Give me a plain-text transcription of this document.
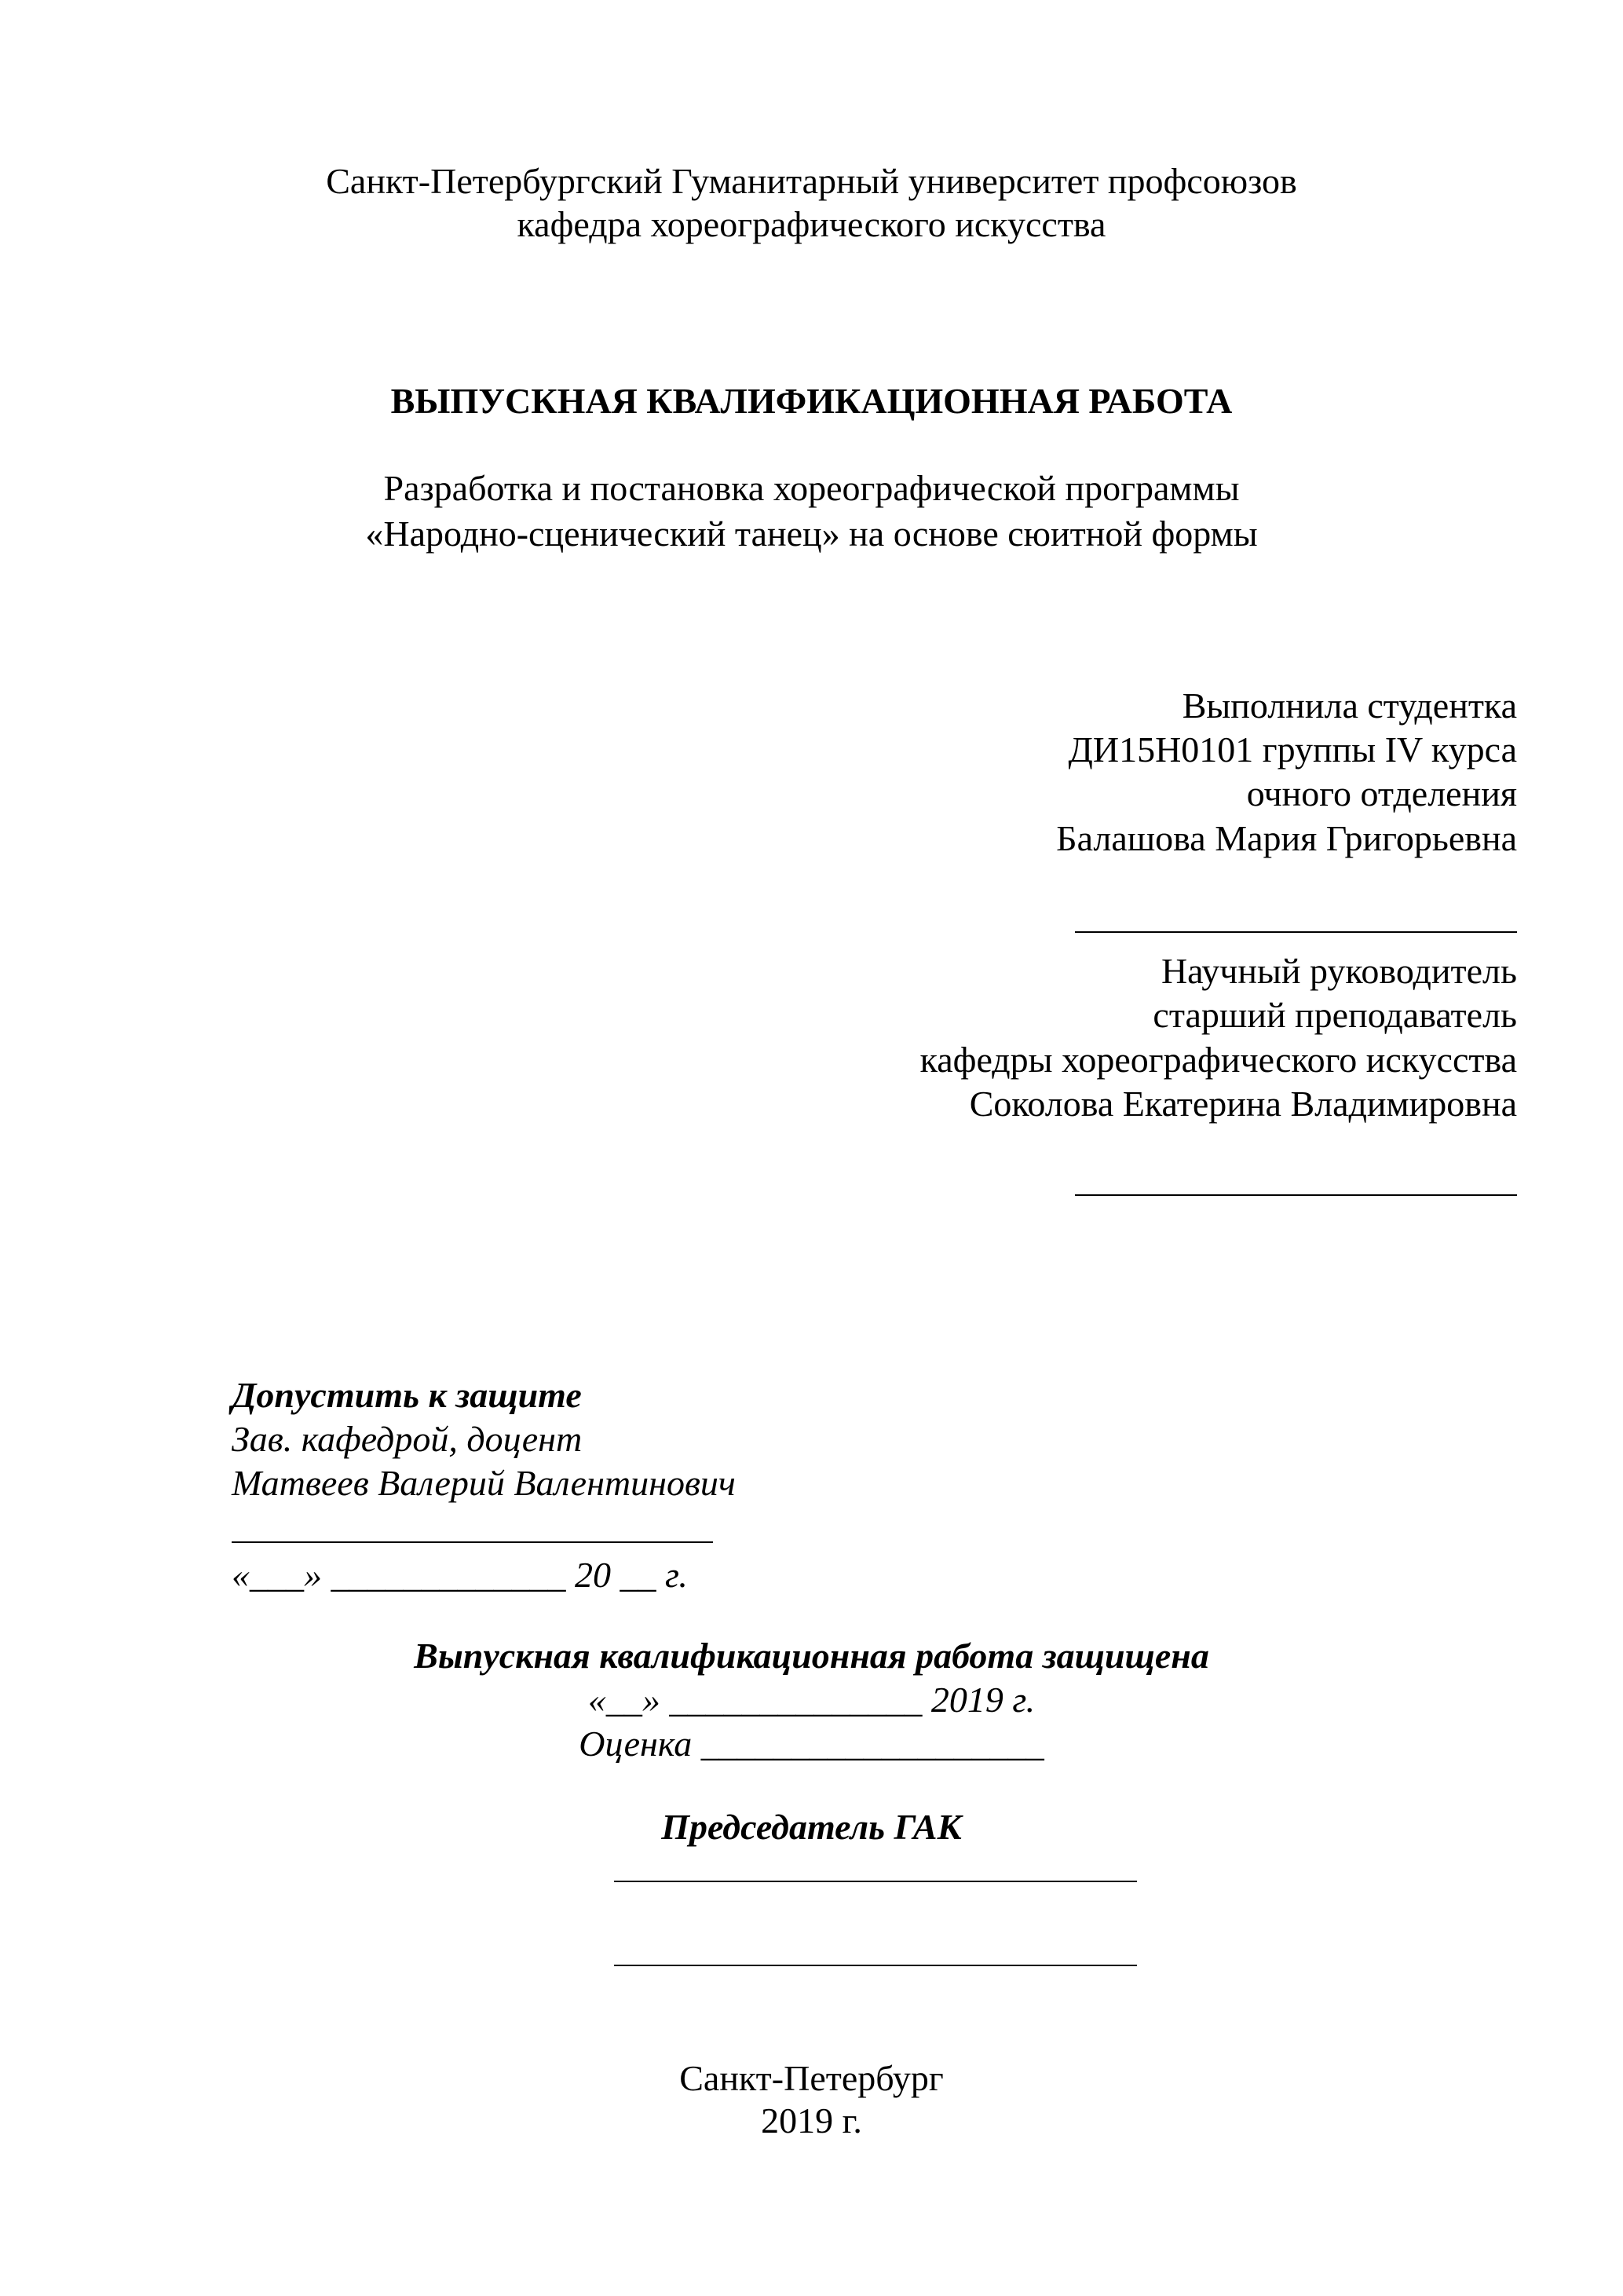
Санкт-Петербургский Гуманитарный университет профсоюзов
кафедра хореографического искусства
ВЫПУСКНАЯ КВАЛИФИКАЦИОННАЯ РАБОТА
Разработка и постановка хореографической программы
«Народно-сценический танец» на основе сюитной формы
Выполнила студентка
ДИ15Н0101 группы IV курса
очного отделения
Балашова Мария Григорьевна
Научный руководитель
старший преподаватель
кафедры хореографического искусства
Соколова Екатерина Владимировна
Допустить к защите
Зав. кафедрой, доцент
Матвеев Валерий Валентинович
«___» _____________ 20 __ г.
Выпускная квалификационная работа защищена
«__» ______________ 2019 г.
Оценка ___________________
Председатель ГАК
Санкт-Петербург
2019 г.
